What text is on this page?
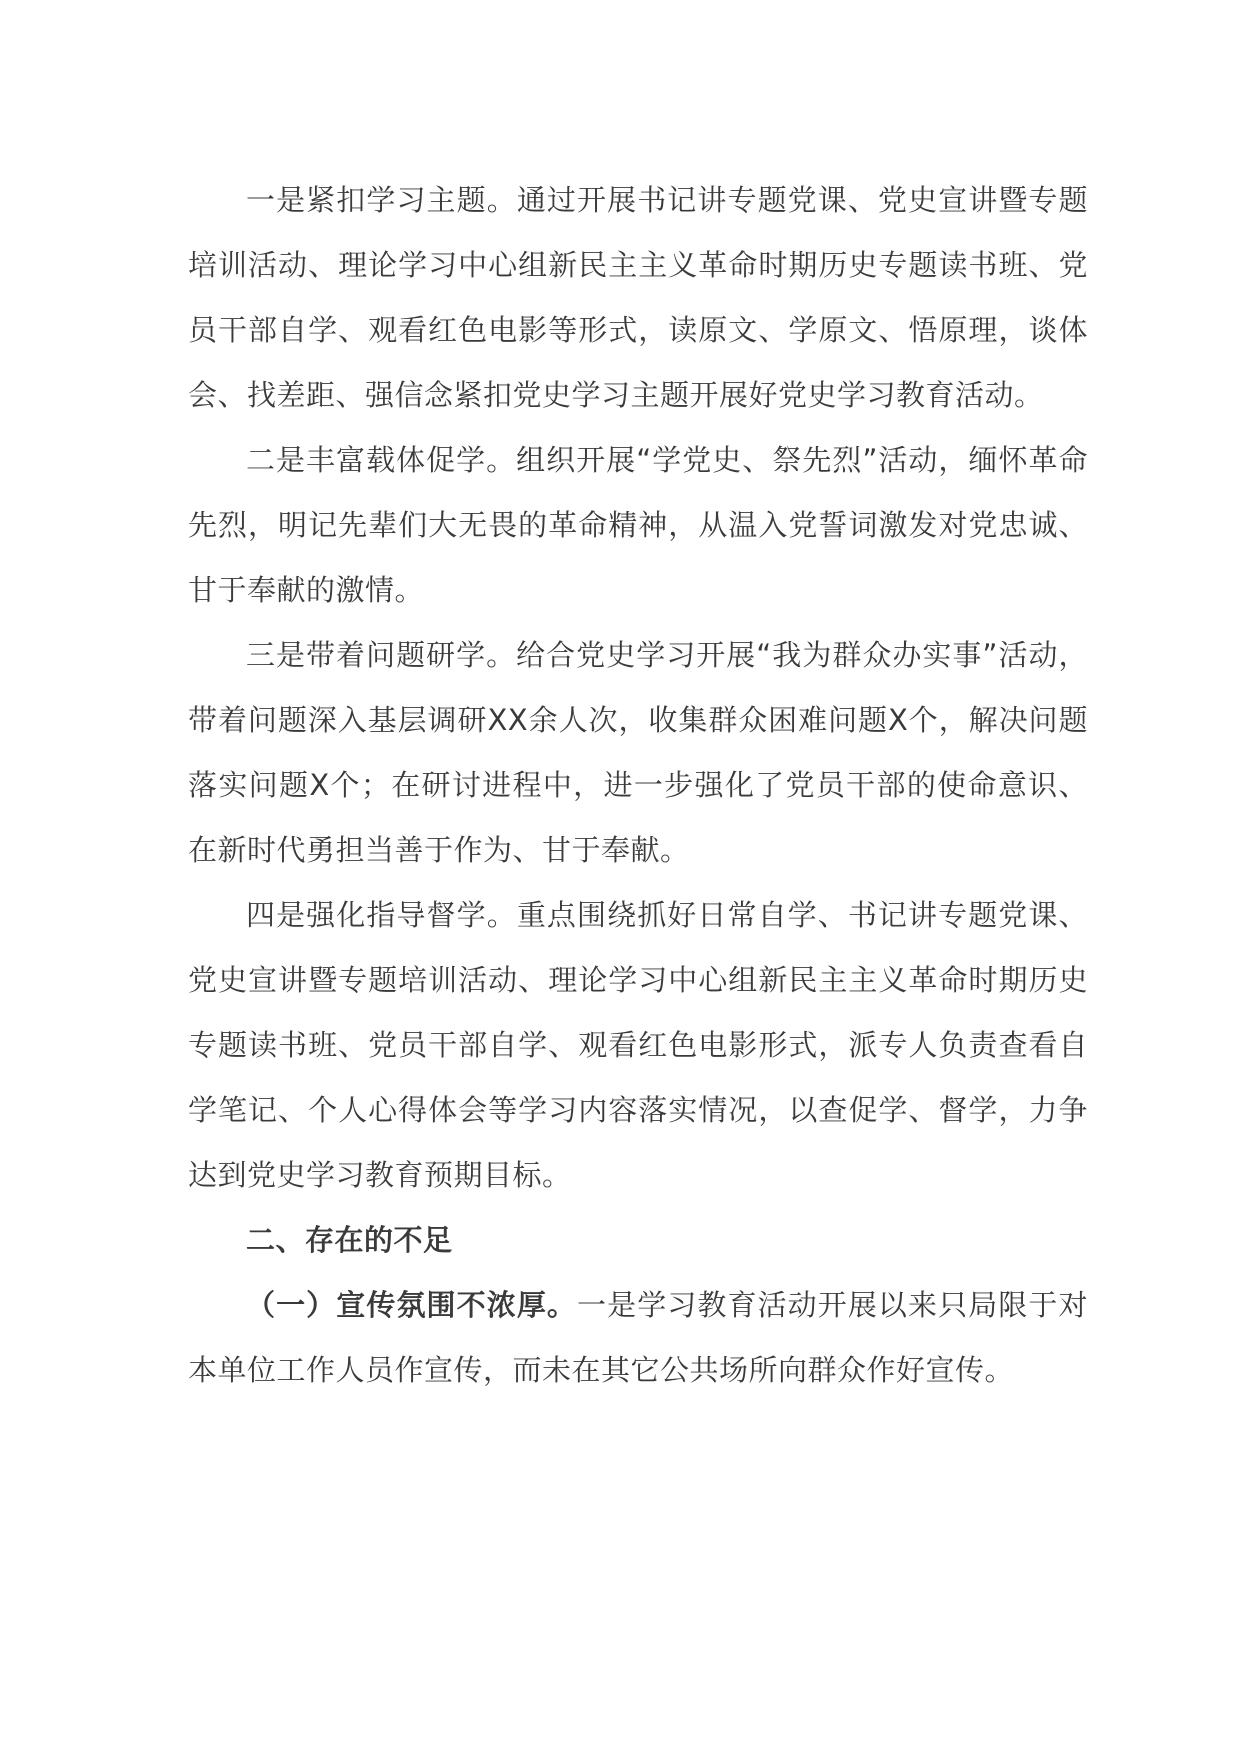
一是紧扣学习主题。通过开展书记讲专题党课、党史宣讲暨专题培训活动、理论学习中心组新民主主义革命时期历史专题读书班、党员干部自学、观看红色电影等形式，读原文、学原文、悟原理，谈体会、找差距、强信念紧扣党史学习主题开展好党史学习教育活动。

二是丰富载体促学。组织开展“学党史、祭先烈”活动，缅怀革命先烈，明记先辈们大无畏的革命精神，从温入党誓词激发对党忠诚、甘于奉献的激情。

三是带着问题研学。给合党史学习开展“我为群众办实事”活动，带着问题深入基层调研XX余人次，收集群众困难问题X个，解决问题落实问题X个；在研讨进程中，进一步强化了党员干部的使命意识、在新时代勇担当善于作为、甘于奉献。

四是强化指导督学。重点围绕抓好日常自学、书记讲专题党课、党史宣讲暨专题培训活动、理论学习中心组新民主主义革命时期历史专题读书班、党员干部自学、观看红色电影形式，派专人负责查看自学笔记、个人心得体会等学习内容落实情况，以查促学、督学，力争达到党史学习教育预期目标。

二、存在的不足

（一）宣传氛围不浓厚。一是学习教育活动开展以来只局限于对本单位工作人员作宣传，而未在其它公共场所向群众作好宣传。
